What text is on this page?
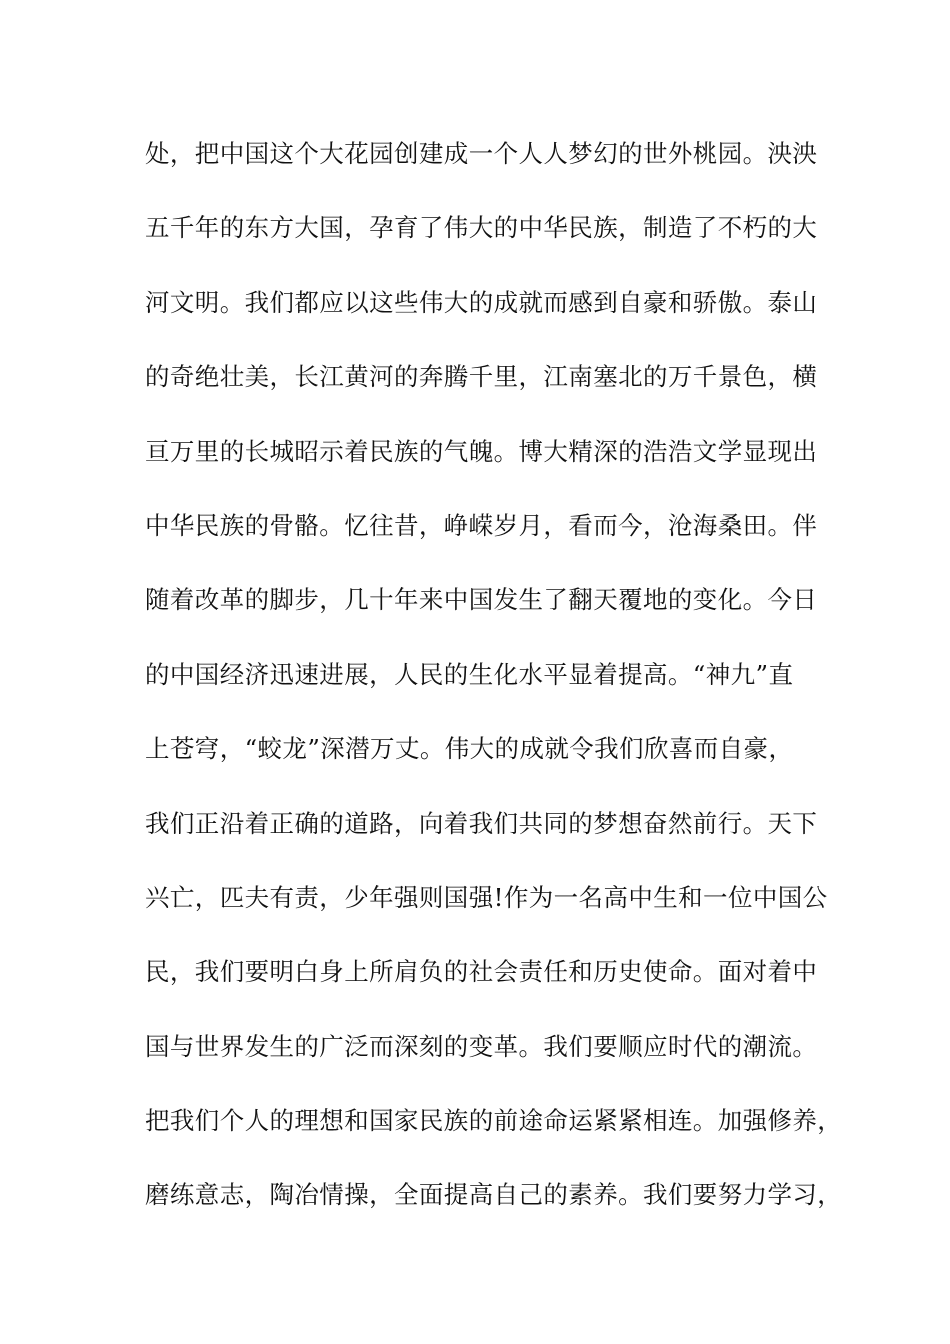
处，把中国这个大花园创建成一个人人梦幻的世外桃园。泱泱
五千年的东方大国，孕育了伟大的中华民族，制造了不朽的大
河文明。我们都应以这些伟大的成就而感到自豪和骄傲。泰山
的奇绝壮美，长江黄河的奔腾千里，江南塞北的万千景色，横
亘万里的长城昭示着民族的气魄。博大精深的浩浩文学显现出
中华民族的骨骼。忆往昔，峥嵘岁月，看而今，沧海桑田。伴
随着改革的脚步，几十年来中国发生了翻天覆地的变化。今日
的中国经济迅速进展，人民的生化水平显着提高。“神九”直
上苍穹，“蛟龙”深潜万丈。伟大的成就令我们欣喜而自豪，
我们正沿着正确的道路，向着我们共同的梦想奋然前行。天下
兴亡，匹夫有责，少年强则国强!作为一名高中生和一位中国公
民，我们要明白身上所肩负的社会责任和历史使命。面对着中
国与世界发生的广泛而深刻的变革。我们要顺应时代的潮流。
把我们个人的理想和国家民族的前途命运紧紧相连。加强修养，
磨练意志，陶冶情操，全面提高自己的素养。我们要努力学习，
